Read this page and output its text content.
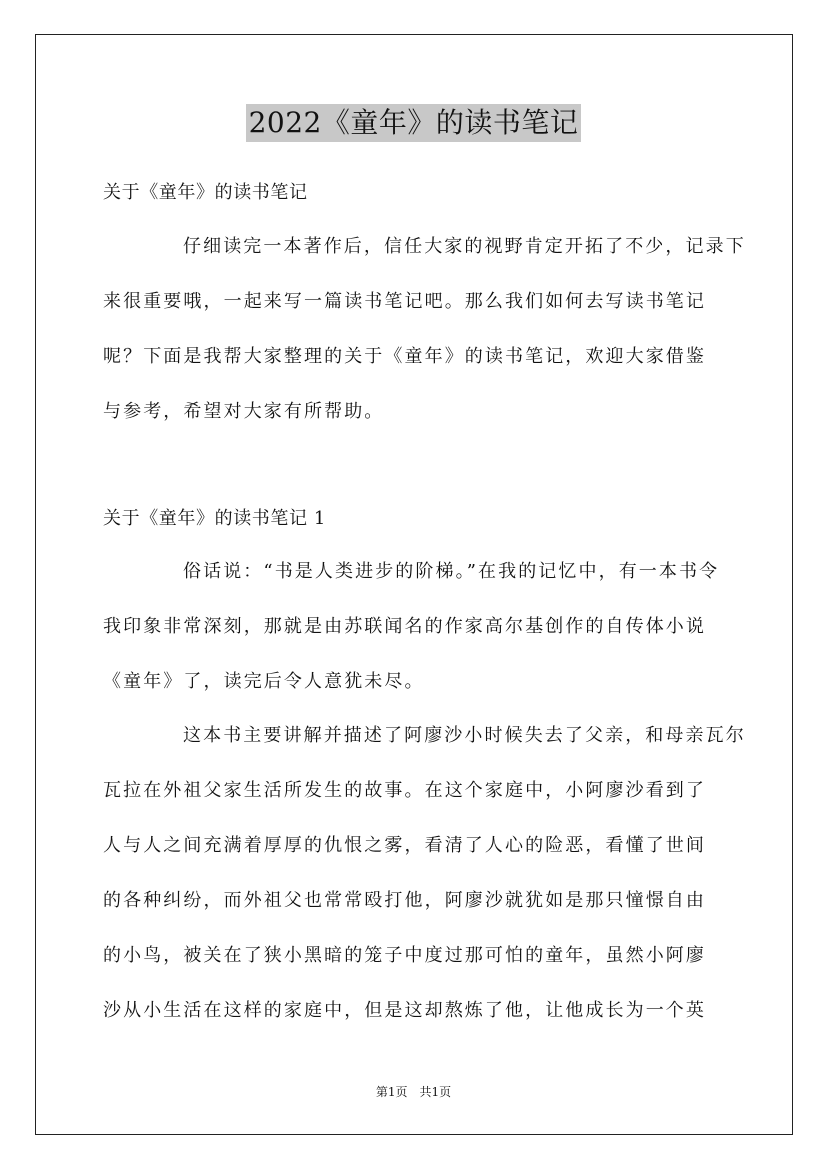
2022《童年》的读书笔记
关于《童年》的读书笔记
仔细读完一本著作后，信任大家的视野肯定开拓了不少，记录下
来很重要哦，一起来写一篇读书笔记吧。那么我们如何去写读书笔记
呢？下面是我帮大家整理的关于《童年》的读书笔记，欢迎大家借鉴
与参考，希望对大家有所帮助。
关于《童年》的读书笔记 1
俗话说：“书是人类进步的阶梯。”在我的记忆中，有一本书令
我印象非常深刻，那就是由苏联闻名的作家高尔基创作的自传体小说
《童年》了，读完后令人意犹未尽。
这本书主要讲解并描述了阿廖沙小时候失去了父亲，和母亲瓦尔
瓦拉在外祖父家生活所发生的故事。在这个家庭中，小阿廖沙看到了
人与人之间充满着厚厚的仇恨之雾，看清了人心的险恶，看懂了世间
的各种纠纷，而外祖父也常常殴打他，阿廖沙就犹如是那只憧憬自由
的小鸟，被关在了狭小黑暗的笼子中度过那可怕的童年，虽然小阿廖
沙从小生活在这样的家庭中，但是这却熬炼了他，让他成长为一个英
第1页　共1页
